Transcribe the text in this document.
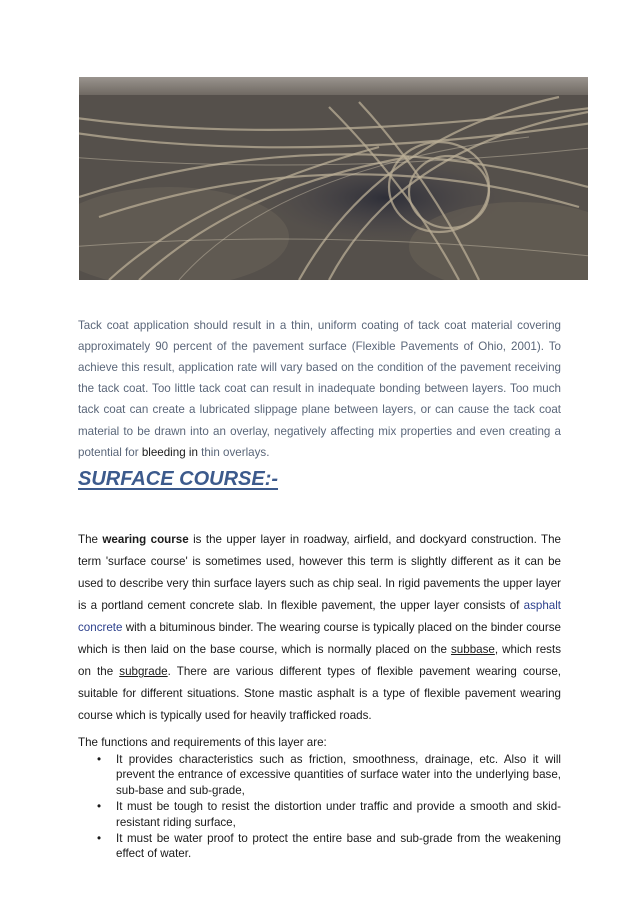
Tack coat application should result in a thin, uniform coating of tack coat material covering approximately 90 percent of the pavement surface (Flexible Pavements of Ohio, 2001). To achieve this result, application rate will vary based on the condition of the pavement receiving the tack coat. Too little tack coat can result in inadequate bonding between layers. Too much tack coat can create a lubricated slippage plane between layers, or can cause the tack coat material to be drawn into an overlay, negatively affecting mix properties and even creating a potential for bleeding in thin overlays.

SURFACE COURSE:-

The wearing course is the upper layer in roadway, airfield, and dockyard construction. The term 'surface course' is sometimes used, however this term is slightly different as it can be used to describe very thin surface layers such as chip seal. In rigid pavements the upper layer is a portland cement concrete slab. In flexible pavement, the upper layer consists of asphalt concrete with a bituminous binder. The wearing course is typically placed on the binder course which is then laid on the base course, which is normally placed on the subbase, which rests on the subgrade. There are various different types of flexible pavement wearing course, suitable for different situations. Stone mastic asphalt is a type of flexible pavement wearing course which is typically used for heavily trafficked roads.

The functions and requirements of this layer are:

• It provides characteristics such as friction, smoothness, drainage, etc. Also it will prevent the entrance of excessive quantities of surface water into the underlying base, sub-base and sub-grade,
• It must be tough to resist the distortion under traffic and provide a smooth and skid-resistant riding surface,
• It must be water proof to protect the entire base and sub-grade from the weakening effect of water.
